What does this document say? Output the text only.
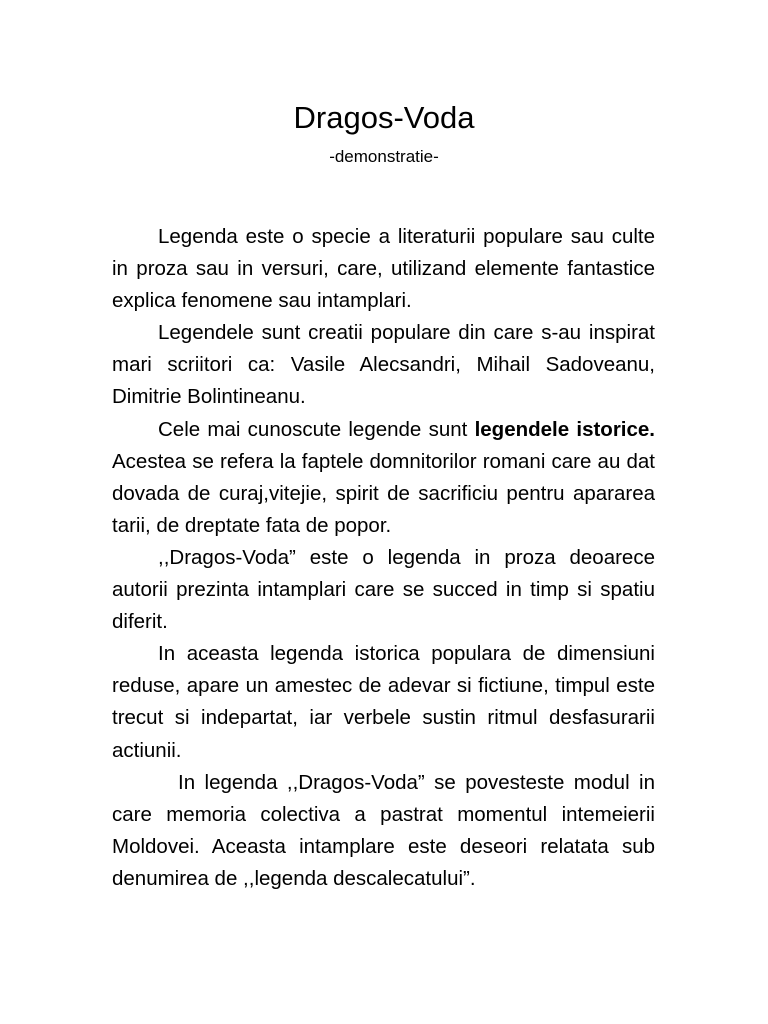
Dragos-Voda
-demonstratie-

Legenda este o specie a literaturii populare sau culte in proza sau in versuri, care, utilizand elemente fantastice explica fenomene sau intamplari.

Legendele sunt creatii populare din care s-au inspirat mari scriitori ca: Vasile Alecsandri, Mihail Sadoveanu, Dimitrie Bolintineanu.

Cele mai cunoscute legende sunt legendele istorice. Acestea se refera la faptele domnitorilor romani care au dat dovada de curaj,vitejie, spirit de sacrificiu pentru apararea tarii, de dreptate fata de popor.

,,Dragos-Voda” este o legenda in proza deoarece autorii prezinta intamplari care se succed in timp si spatiu diferit.

In aceasta legenda istorica populara de dimensiuni reduse, apare un amestec de adevar si fictiune, timpul este trecut si indepartat, iar verbele sustin ritmul desfasurarii actiunii.

In legenda ,,Dragos-Voda” se povesteste modul in care memoria colectiva a pastrat momentul intemeierii Moldovei. Aceasta intamplare este deseori relatata sub denumirea de ,,legenda descalecatului”.
